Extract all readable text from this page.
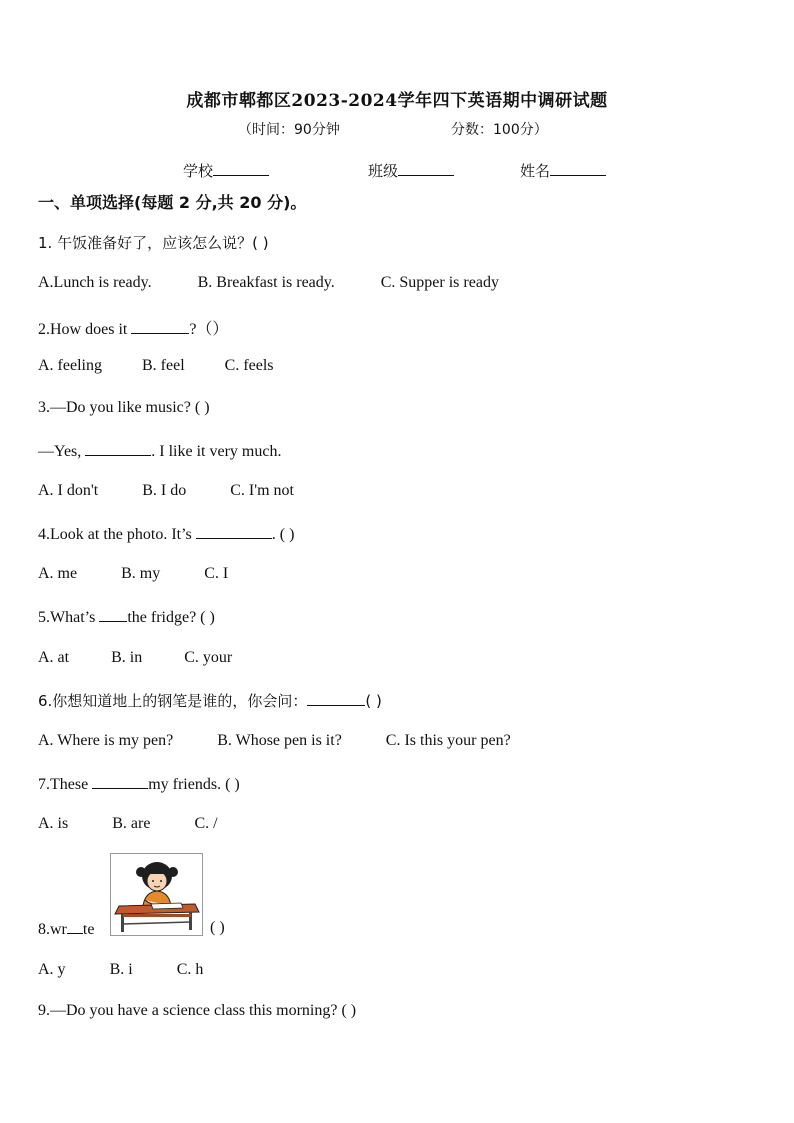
成都市郫都区2023-2024学年四下英语期中调研试题
（时间：90分钟	分数：100分）
学校	班级	姓名
一、单项选择(每题 2 分,共 20 分)。
1. 午饭准备好了，应该怎么说？( )
A.Lunch is ready.	B. Breakfast is ready.	C. Supper is ready
2.How does it	?（）
A. feeling	B. feel	C. feels
3.—Do you like music? ( )
—Yes,	. I like it very much.
A. I don't	B. I do	C. I'm not
4.Look at the photo. It’s	. ( )
A. me	B. my	C. I
5.What’s the fridge? ( )
A. at	B. in	C. your
6.你想知道地上的钢笔是谁的，你会问：	( )
A. Where is my pen?	B. Whose pen is it?	C. Is this your pen?
7.These	my friends. ( )
A. is	B. are	C. /
8.wr te	( )
A. y	B. i	C. h
9.—Do you have a science class this morning? ( )
